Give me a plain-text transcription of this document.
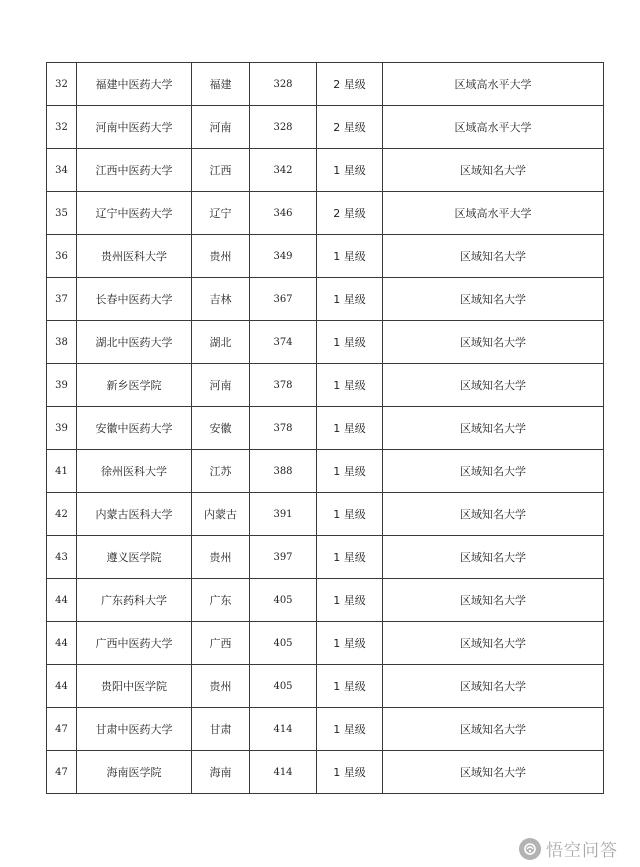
32	福建中医药大学	福建	328	2 星级	区域高水平大学
32	河南中医药大学	河南	328	2 星级	区域高水平大学
34	江西中医药大学	江西	342	1 星级	区域知名大学
35	辽宁中医药大学	辽宁	346	2 星级	区域高水平大学
36	贵州医科大学	贵州	349	1 星级	区域知名大学
37	长春中医药大学	吉林	367	1 星级	区域知名大学
38	湖北中医药大学	湖北	374	1 星级	区域知名大学
39	新乡医学院	河南	378	1 星级	区域知名大学
39	安徽中医药大学	安徽	378	1 星级	区域知名大学
41	徐州医科大学	江苏	388	1 星级	区域知名大学
42	内蒙古医科大学	内蒙古	391	1 星级	区域知名大学
43	遵义医学院	贵州	397	1 星级	区域知名大学
44	广东药科大学	广东	405	1 星级	区域知名大学
44	广西中医药大学	广西	405	1 星级	区域知名大学
44	贵阳中医学院	贵州	405	1 星级	区域知名大学
47	甘肃中医药大学	甘肃	414	1 星级	区域知名大学
47	海南医学院	海南	414	1 星级	区域知名大学
悟空问答
